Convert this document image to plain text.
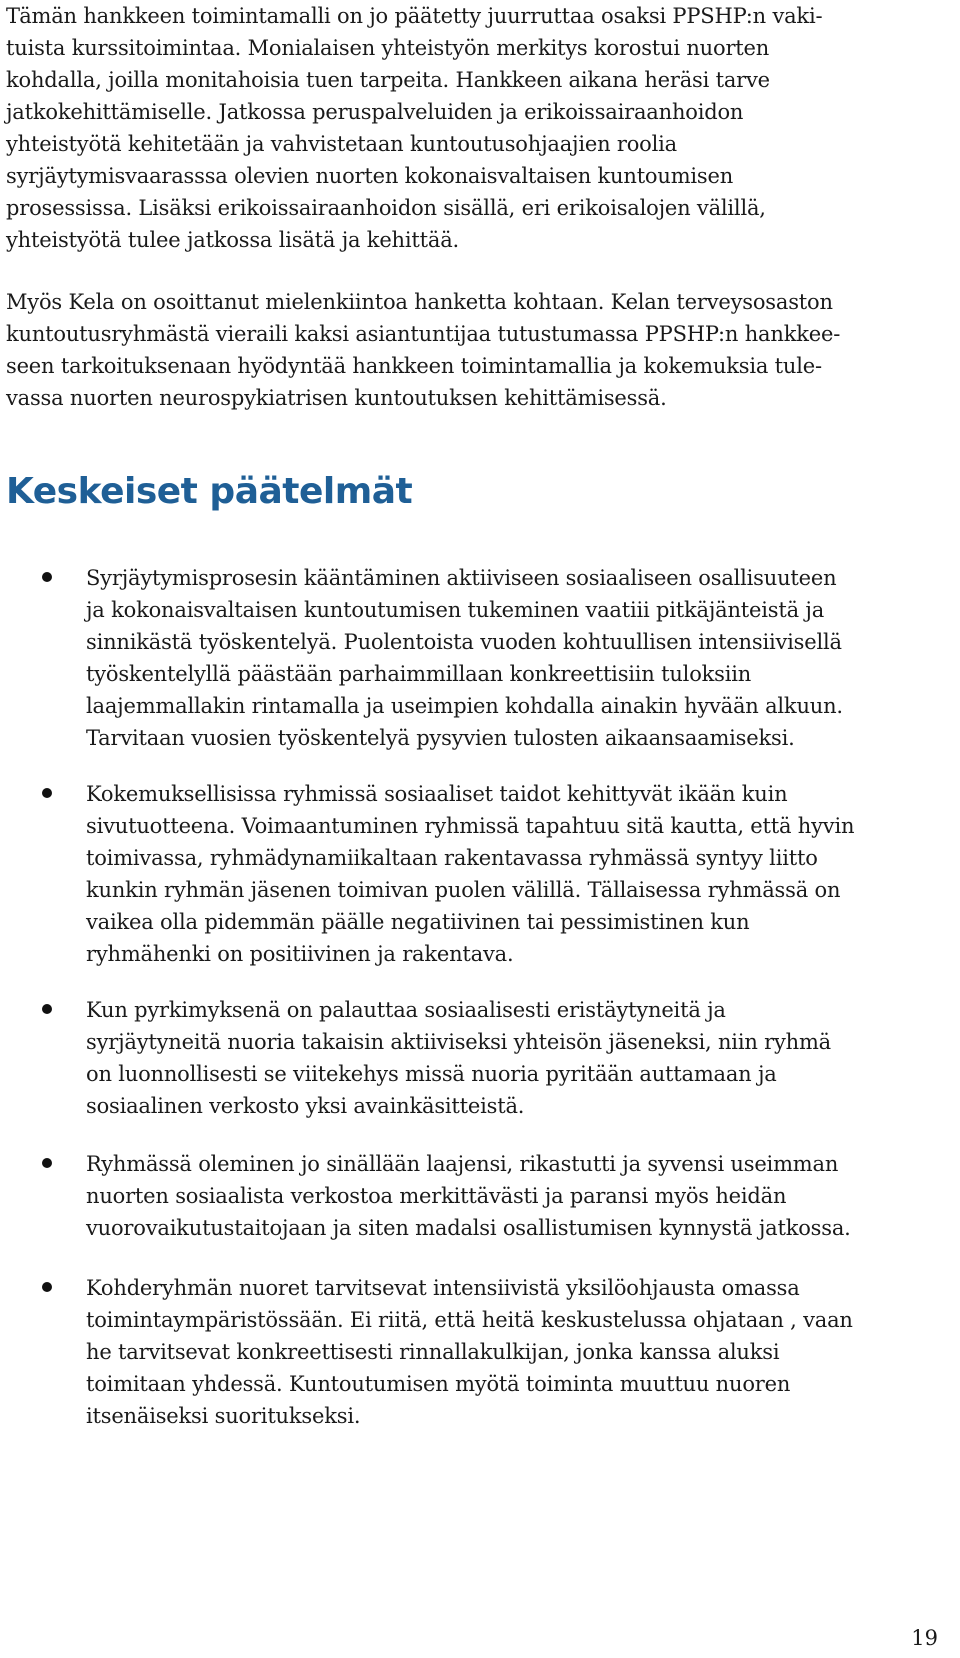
Tämän hankkeen toimintamalli on jo päätetty juurruttaa osaksi PPSHP:n vaki-
tuista kurssitoimintaa. Monialaisen yhteistyön merkitys korostui nuorten
kohdalla, joilla monitahoisia tuen tarpeita. Hankkeen aikana heräsi tarve
jatkokehittämiselle. Jatkossa peruspalveluiden ja erikoissairaanhoidon
yhteistyötä kehitetään ja vahvistetaan kuntoutusohjaajien roolia
syrjäytymisvaarasssa olevien nuorten kokonaisvaltaisen kuntoumisen
prosessissa. Lisäksi erikoissairaanhoidon sisällä, eri erikoisalojen välillä,
yhteistyötä tulee jatkossa lisätä ja kehittää.

Myös Kela on osoittanut mielenkiintoa hanketta kohtaan. Kelan terveysosaston
kuntoutusryhmästä vieraili kaksi asiantuntijaa tutustumassa PPSHP:n hankkee-
seen tarkoituksenaan hyödyntää hankkeen toimintamallia ja kokemuksia tule-
vassa nuorten neurospykiatrisen kuntoutuksen kehittämisessä.

Keskeiset päätelmät

Syrjäytymisprosesin kääntäminen aktiiviseen sosiaaliseen osallisuuteen
ja kokonaisvaltaisen kuntoutumisen tukeminen vaatiii pitkäjänteistä ja
sinnikästä työskentelyä. Puolentoista vuoden kohtuullisen intensiivisellä
työskentelyllä päästään parhaimmillaan konkreettisiin tuloksiin
laajemmallakin rintamalla ja useimpien kohdalla ainakin hyvään alkuun.
Tarvitaan vuosien työskentelyä pysyvien tulosten aikaansaamiseksi.

Kokemuksellisissa ryhmissä sosiaaliset taidot kehittyvät ikään kuin
sivutuotteena. Voimaantuminen ryhmissä tapahtuu sitä kautta, että hyvin
toimivassa, ryhmädynamiikaltaan rakentavassa ryhmässä syntyy liitto
kunkin ryhmän jäsenen toimivan puolen välillä. Tällaisessa ryhmässä on
vaikea olla pidemmän päälle negatiivinen tai pessimistinen kun
ryhmähenki on positiivinen ja rakentava.

Kun pyrkimyksenä on palauttaa sosiaalisesti eristäytyneitä ja
syrjäytyneitä nuoria takaisin aktiiviseksi yhteisön jäseneksi, niin ryhmä
on luonnollisesti se viitekehys missä nuoria pyritään auttamaan ja
sosiaalinen verkosto yksi avainkäsitteistä.

Ryhmässä oleminen jo sinällään laajensi, rikastutti ja syvensi useimman
nuorten sosiaalista verkostoa merkittävästi ja paransi myös heidän
vuorovaikutustaitojaan ja siten madalsi osallistumisen kynnystä jatkossa.

Kohderyhmän nuoret tarvitsevat intensiivistä yksilöohjausta omassa
toimintaympäristössään. Ei riitä, että heitä keskustelussa ohjataan , vaan
he tarvitsevat konkreettisesti rinnallakulkijan, jonka kanssa aluksi
toimitaan yhdessä. Kuntoutumisen myötä toiminta muuttuu nuoren
itsenäiseksi suoritukseksi.

19
